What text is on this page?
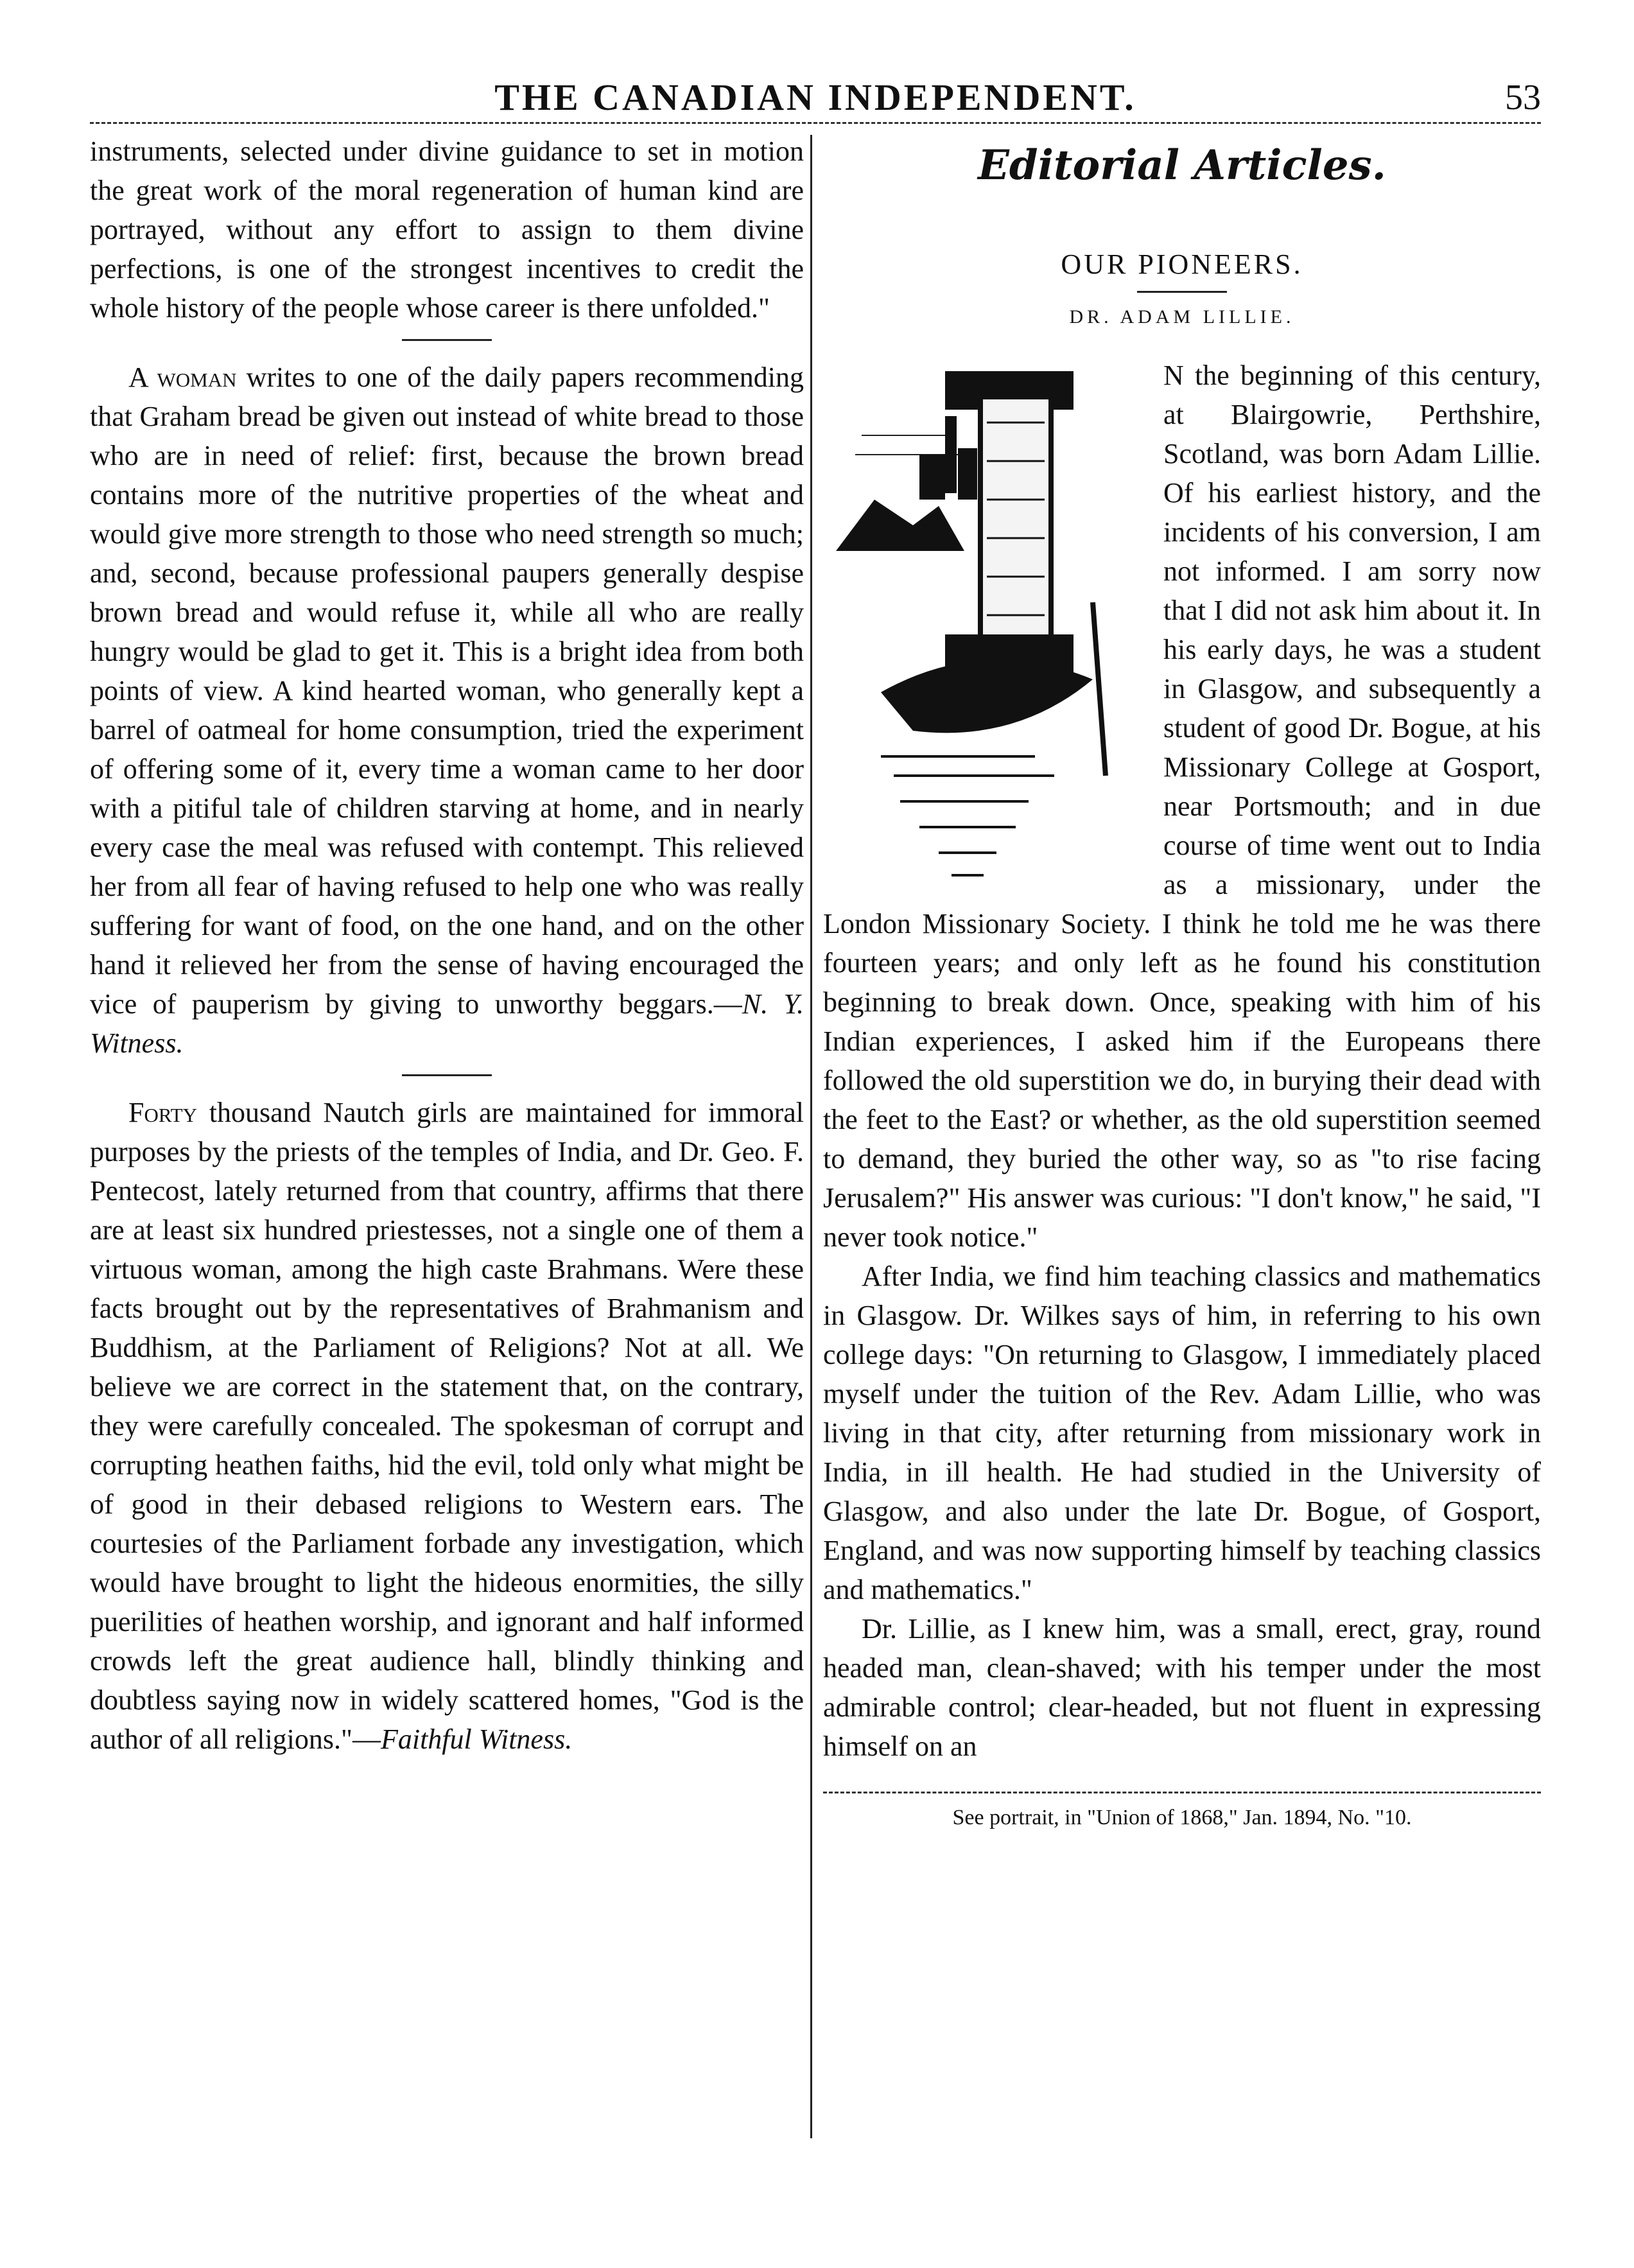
THE CANADIAN INDEPENDENT.	53

instruments, selected under divine guidance to set in motion the great work of the moral regeneration of human kind are portrayed, without any effort to assign to them divine perfections, is one of the strongest incentives to credit the whole history of the people whose career is there unfolded."

A woman writes to one of the daily papers recommending that Graham bread be given out instead of white bread to those who are in need of relief: first, because the brown bread contains more of the nutritive properties of the wheat and would give more strength to those who need strength so much; and, second, because professional paupers generally despise brown bread and would refuse it, while all who are really hungry would be glad to get it. This is a bright idea from both points of view. A kind hearted woman, who generally kept a barrel of oatmeal for home consumption, tried the experiment of offering some of it, every time a woman came to her door with a pitiful tale of children starving at home, and in nearly every case the meal was refused with contempt. This relieved her from all fear of having refused to help one who was really suffering for want of food, on the one hand, and on the other hand it relieved her from the sense of having encouraged the vice of pauperism by giving to unworthy beggars.—N. Y. Witness.

Forty thousand Nautch girls are maintained for immoral purposes by the priests of the temples of India, and Dr. Geo. F. Pentecost, lately returned from that country, affirms that there are at least six hundred priestesses, not a single one of them a virtuous woman, among the high caste Brahmans. Were these facts brought out by the representatives of Brahmanism and Buddhism, at the Parliament of Religions? Not at all. We believe we are correct in the statement that, on the contrary, they were carefully concealed. The spokesman of corrupt and corrupting heathen faiths, hid the evil, told only what might be of good in their debased religions to Western ears. The courtesies of the Parliament forbade any investigation, which would have brought to light the hideous enormities, the silly puerilities of heathen worship, and ignorant and half informed crowds left the great audience hall, blindly thinking and doubtless saying now in widely scattered homes, "God is the author of all religions."—Faithful Witness.

Editorial Articles.
OUR PIONEERS.
DR. ADAM LILLIE.
I

N the beginning of this century, at Blairgowrie, Perthshire, Scotland, was born Adam Lillie. Of his earliest history, and the incidents of his conversion, I am not informed. I am sorry now that I did not ask him about it. In his early days, he was a student in Glasgow, and subsequently a student of good Dr. Bogue, at his Missionary College at Gosport, near Portsmouth; and in due course of time went out to India as a missionary, under the London Missionary Society. I think he told me he was there fourteen years; and only left as he found his constitution beginning to break down. Once, speaking with him of his Indian experiences, I asked him if the Europeans there followed the old superstition we do, in burying their dead with the feet to the East? or whether, as the old superstition seemed to demand, they buried the other way, so as "to rise facing Jerusalem?" His answer was curious: "I don't know," he said, "I never took notice."

After India, we find him teaching classics and mathematics in Glasgow. Dr. Wilkes says of him, in referring to his own college days: "On returning to Glasgow, I immediately placed myself under the tuition of the Rev. Adam Lillie, who was living in that city, after returning from missionary work in India, in ill health. He had studied in the University of Glasgow, and also under the late Dr. Bogue, of Gosport, England, and was now supporting himself by teaching classics and mathematics."

Dr. Lillie, as I knew him, was a small, erect, gray, round headed man, clean-shaved; with his temper under the most admirable control; clear-headed, but not fluent in expressing himself on an

See portrait, in "Union of 1868," Jan. 1894, No. "10.
